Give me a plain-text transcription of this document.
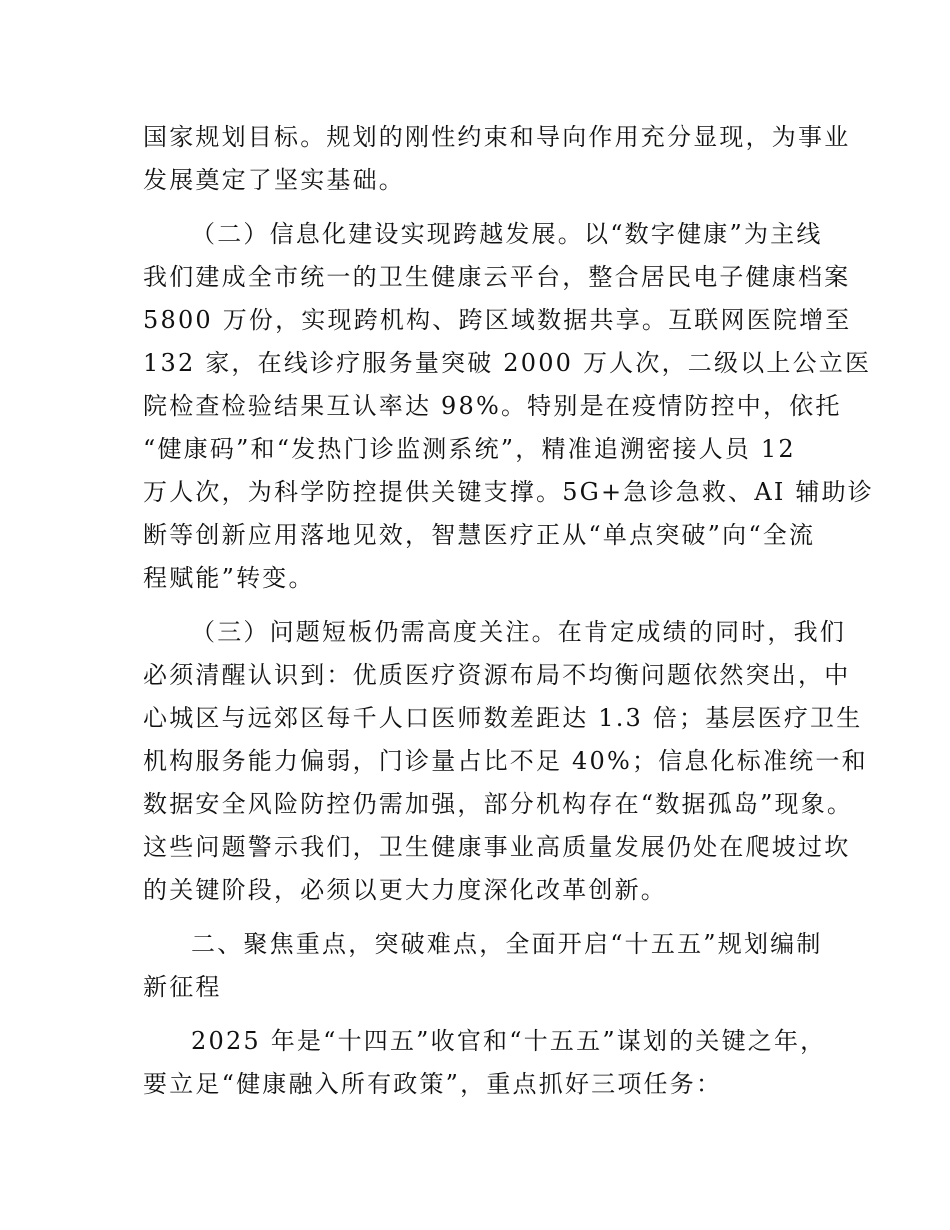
国家规划目标。规划的刚性约束和导向作用充分显现，为事业
发展奠定了坚实基础。
（二）信息化建设实现跨越发展。以“数字健康”为主线
我们建成全市统一的卫生健康云平台，整合居民电子健康档案
5800 万份，实现跨机构、跨区域数据共享。互联网医院增至
132 家，在线诊疗服务量突破 2000 万人次，二级以上公立医
院检查检验结果互认率达 98%。特别是在疫情防控中，依托
“健康码”和“发热门诊监测系统”，精准追溯密接人员 12
万人次，为科学防控提供关键支撑。5G+急诊急救、AI 辅助诊
断等创新应用落地见效，智慧医疗正从“单点突破”向“全流
程赋能”转变。
（三）问题短板仍需高度关注。在肯定成绩的同时，我们
必须清醒认识到：优质医疗资源布局不均衡问题依然突出，中
心城区与远郊区每千人口医师数差距达 1.3 倍；基层医疗卫生
机构服务能力偏弱，门诊量占比不足 40%；信息化标准统一和
数据安全风险防控仍需加强，部分机构存在“数据孤岛”现象。
这些问题警示我们，卫生健康事业高质量发展仍处在爬坡过坎
的关键阶段，必须以更大力度深化改革创新。
二、聚焦重点，突破难点，全面开启“十五五”规划编制
新征程
2025 年是“十四五”收官和“十五五”谋划的关键之年，
要立足“健康融入所有政策”，重点抓好三项任务：
